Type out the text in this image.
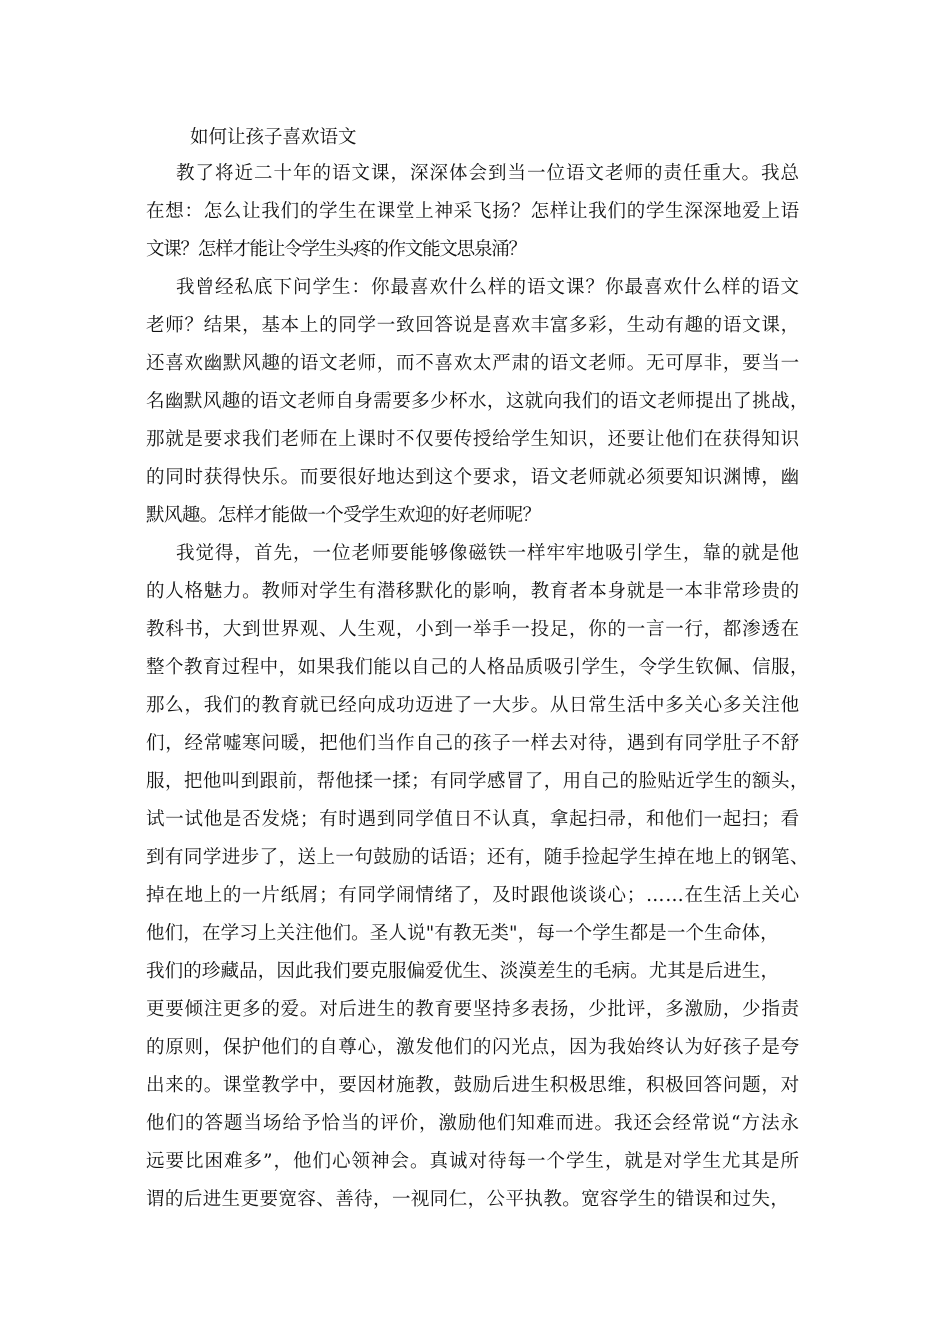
如何让孩子喜欢语文
教了将近二十年的语文课，深深体会到当一位语文老师的责任重大。我总
在想：怎么让我们的学生在课堂上神采飞扬？怎样让我们的学生深深地爱上语
文课？怎样才能让令学生头疼的作文能文思泉涌？
我曾经私底下问学生：你最喜欢什么样的语文课？你最喜欢什么样的语文
老师？结果，基本上的同学一致回答说是喜欢丰富多彩，生动有趣的语文课，
还喜欢幽默风趣的语文老师，而不喜欢太严肃的语文老师。无可厚非，要当一
名幽默风趣的语文老师自身需要多少杯水，这就向我们的语文老师提出了挑战，
那就是要求我们老师在上课时不仅要传授给学生知识，还要让他们在获得知识
的同时获得快乐。而要很好地达到这个要求，语文老师就必须要知识渊博，幽
默风趣。怎样才能做一个受学生欢迎的好老师呢？
我觉得，首先，一位老师要能够像磁铁一样牢牢地吸引学生，靠的就是他
的人格魅力。教师对学生有潜移默化的影响，教育者本身就是一本非常珍贵的
教科书，大到世界观、人生观，小到一举手一投足，你的一言一行，都渗透在
整个教育过程中，如果我们能以自己的人格品质吸引学生，令学生钦佩、信服，
那么，我们的教育就已经向成功迈进了一大步。从日常生活中多关心多关注他
们，经常嘘寒问暖，把他们当作自己的孩子一样去对待，遇到有同学肚子不舒
服，把他叫到跟前，帮他揉一揉；有同学感冒了，用自己的脸贴近学生的额头，
试一试他是否发烧；有时遇到同学值日不认真，拿起扫帚，和他们一起扫；看
到有同学进步了，送上一句鼓励的话语；还有，随手捡起学生掉在地上的钢笔、
掉在地上的一片纸屑；有同学闹情绪了，及时跟他谈谈心；……在生活上关心
他们，在学习上关注他们。圣人说"有教无类"，每一个学生都是一个生命体，
我们的珍藏品，因此我们要克服偏爱优生、淡漠差生的毛病。尤其是后进生，
更要倾注更多的爱。对后进生的教育要坚持多表扬，少批评，多激励，少指责
的原则，保护他们的自尊心，激发他们的闪光点，因为我始终认为好孩子是夸
出来的。课堂教学中，要因材施教，鼓励后进生积极思维，积极回答问题，对
他们的答题当场给予恰当的评价，激励他们知难而进。我还会经常说“方法永
远要比困难多”，他们心领神会。真诚对待每一个学生，就是对学生尤其是所
谓的后进生更要宽容、善待，一视同仁，公平执教。宽容学生的错误和过失，
